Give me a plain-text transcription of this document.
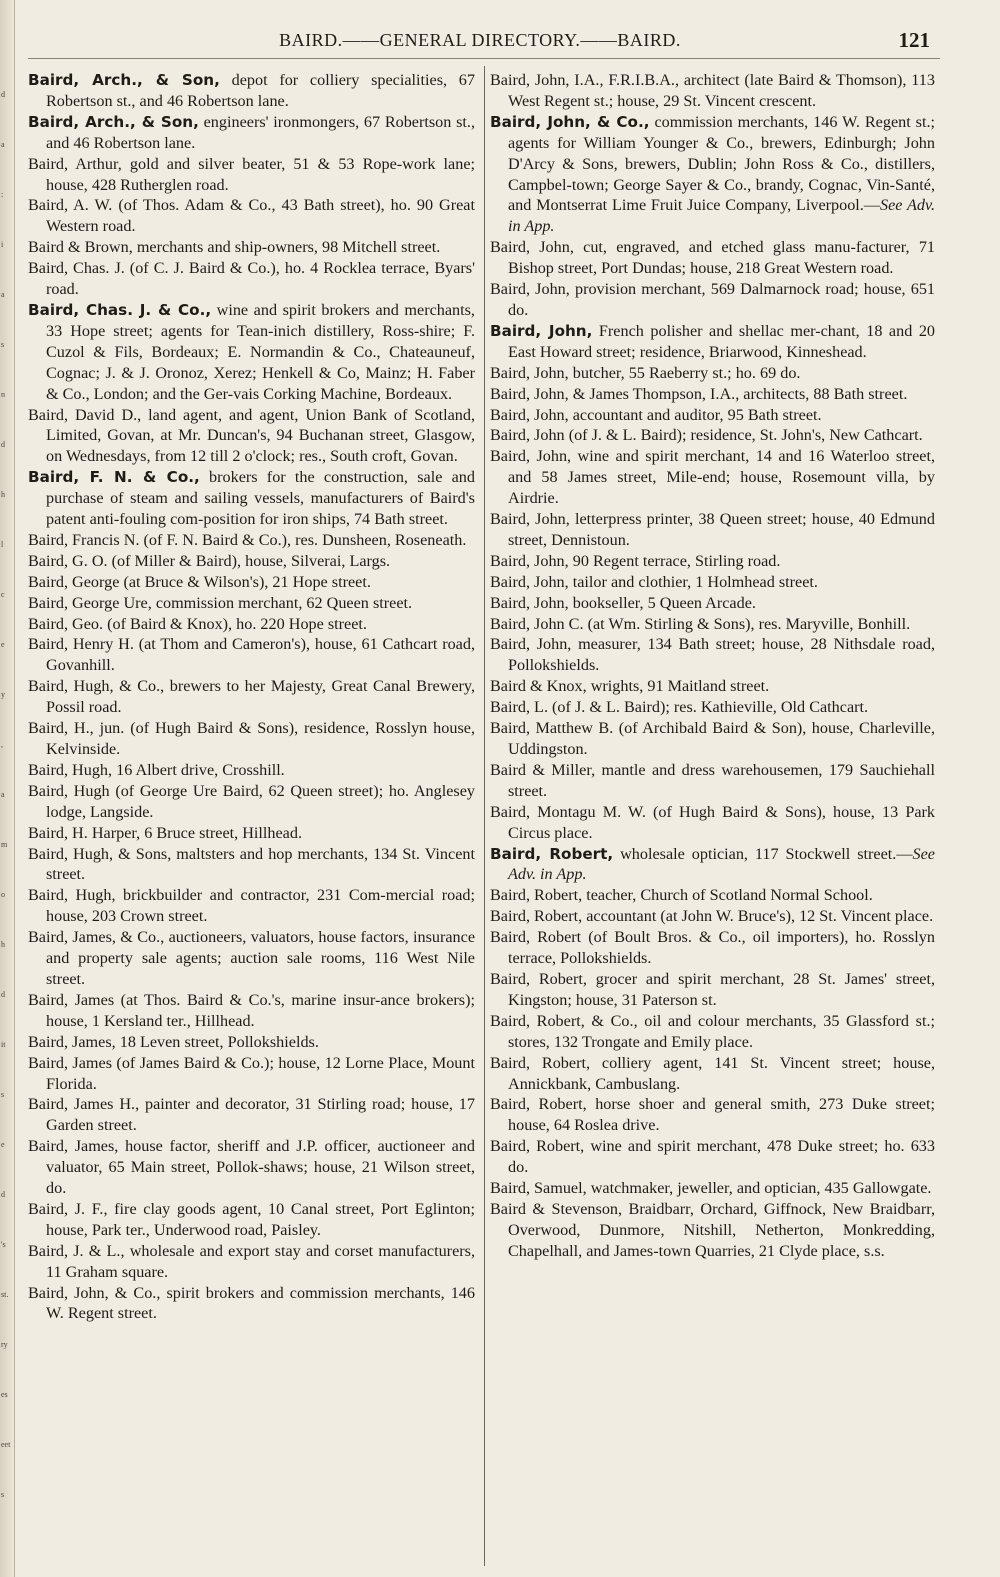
d
a
:
i
a
s
n
d
h
l
c
e
y
,
a
m
o
h
d
it
s
e
d
's
st.
ry
es
eet
s
BAIRD.——GENERAL DIRECTORY.——BAIRD.	121

Baird, Arch., & Son, depot for colliery specialities, 67 Robertson st., and 46 Robertson lane.

Baird, Arch., & Son, engineers' ironmongers, 67 Robertson st., and 46 Robertson lane.

Baird, Arthur, gold and silver beater, 51 & 53 Rope-work lane; house, 428 Rutherglen road.

Baird, A. W. (of Thos. Adam & Co., 43 Bath street), ho. 90 Great Western road.

Baird & Brown, merchants and ship-owners, 98 Mitchell street.

Baird, Chas. J. (of C. J. Baird & Co.), ho. 4 Rocklea terrace, Byars' road.

Baird, Chas. J. & Co., wine and spirit brokers and merchants, 33 Hope street; agents for Tean-inich distillery, Ross-shire; F. Cuzol & Fils, Bordeaux; E. Normandin & Co., Chateauneuf, Cognac; J. & J. Oronoz, Xerez; Henkell & Co, Mainz; H. Faber & Co., London; and the Ger-vais Corking Machine, Bordeaux.

Baird, David D., land agent, and agent, Union Bank of Scotland, Limited, Govan, at Mr. Duncan's, 94 Buchanan street, Glasgow, on Wednesdays, from 12 till 2 o'clock; res., South croft, Govan.

Baird, F. N. & Co., brokers for the construction, sale and purchase of steam and sailing vessels, manufacturers of Baird's patent anti-fouling com-position for iron ships, 74 Bath street.

Baird, Francis N. (of F. N. Baird & Co.), res. Dunsheen, Roseneath.

Baird, G. O. (of Miller & Baird), house, Silverai, Largs.

Baird, George (at Bruce & Wilson's), 21 Hope street.

Baird, George Ure, commission merchant, 62 Queen street.

Baird, Geo. (of Baird & Knox), ho. 220 Hope street.

Baird, Henry H. (at Thom and Cameron's), house, 61 Cathcart road, Govanhill.

Baird, Hugh, & Co., brewers to her Majesty, Great Canal Brewery, Possil road.

Baird, H., jun. (of Hugh Baird & Sons), residence, Rosslyn house, Kelvinside.

Baird, Hugh, 16 Albert drive, Crosshill.

Baird, Hugh (of George Ure Baird, 62 Queen street); ho. Anglesey lodge, Langside.

Baird, H. Harper, 6 Bruce street, Hillhead.

Baird, Hugh, & Sons, maltsters and hop merchants, 134 St. Vincent street.

Baird, Hugh, brickbuilder and contractor, 231 Com-mercial road; house, 203 Crown street.

Baird, James, & Co., auctioneers, valuators, house factors, insurance and property sale agents; auction sale rooms, 116 West Nile street.

Baird, James (at Thos. Baird & Co.'s, marine insur-ance brokers); house, 1 Kersland ter., Hillhead.

Baird, James, 18 Leven street, Pollokshields.

Baird, James (of James Baird & Co.); house, 12 Lorne Place, Mount Florida.

Baird, James H., painter and decorator, 31 Stirling road; house, 17 Garden street.

Baird, James, house factor, sheriff and J.P. officer, auctioneer and valuator, 65 Main street, Pollok-shaws; house, 21 Wilson street, do.

Baird, J. F., fire clay goods agent, 10 Canal street, Port Eglinton; house, Park ter., Underwood road, Paisley.

Baird, J. & L., wholesale and export stay and corset manufacturers, 11 Graham square.

Baird, John, & Co., spirit brokers and commission merchants, 146 W. Regent street.

Baird, John, I.A., F.R.I.B.A., architect (late Baird & Thomson), 113 West Regent st.; house, 29 St. Vincent crescent.

Baird, John, & Co., commission merchants, 146 W. Regent st.; agents for William Younger & Co., brewers, Edinburgh; John D'Arcy & Sons, brewers, Dublin; John Ross & Co., distillers, Campbel-town; George Sayer & Co., brandy, Cognac, Vin-Santé, and Montserrat Lime Fruit Juice Company, Liverpool.—See Adv. in App.

Baird, John, cut, engraved, and etched glass manu-facturer, 71 Bishop street, Port Dundas; house, 218 Great Western road.

Baird, John, provision merchant, 569 Dalmarnock road; house, 651 do.

Baird, John, French polisher and shellac mer-chant, 18 and 20 East Howard street; residence, Briarwood, Kinneshead.

Baird, John, butcher, 55 Raeberry st.; ho. 69 do.

Baird, John, & James Thompson, I.A., architects, 88 Bath street.

Baird, John, accountant and auditor, 95 Bath street.

Baird, John (of J. & L. Baird); residence, St. John's, New Cathcart.

Baird, John, wine and spirit merchant, 14 and 16 Waterloo street, and 58 James street, Mile-end; house, Rosemount villa, by Airdrie.

Baird, John, letterpress printer, 38 Queen street; house, 40 Edmund street, Dennistoun.

Baird, John, 90 Regent terrace, Stirling road.

Baird, John, tailor and clothier, 1 Holmhead street.

Baird, John, bookseller, 5 Queen Arcade.

Baird, John C. (at Wm. Stirling & Sons), res. Maryville, Bonhill.

Baird, John, measurer, 134 Bath street; house, 28 Nithsdale road, Pollokshields.

Baird & Knox, wrights, 91 Maitland street.

Baird, L. (of J. & L. Baird); res. Kathieville, Old Cathcart.

Baird, Matthew B. (of Archibald Baird & Son), house, Charleville, Uddingston.

Baird & Miller, mantle and dress warehousemen, 179 Sauchiehall street.

Baird, Montagu M. W. (of Hugh Baird & Sons), house, 13 Park Circus place.

Baird, Robert, wholesale optician, 117 Stockwell street.—See Adv. in App.

Baird, Robert, teacher, Church of Scotland Normal School.

Baird, Robert, accountant (at John W. Bruce's), 12 St. Vincent place.

Baird, Robert (of Boult Bros. & Co., oil importers), ho. Rosslyn terrace, Pollokshields.

Baird, Robert, grocer and spirit merchant, 28 St. James' street, Kingston; house, 31 Paterson st.

Baird, Robert, & Co., oil and colour merchants, 35 Glassford st.; stores, 132 Trongate and Emily place.

Baird, Robert, colliery agent, 141 St. Vincent street; house, Annickbank, Cambuslang.

Baird, Robert, horse shoer and general smith, 273 Duke street; house, 64 Roslea drive.

Baird, Robert, wine and spirit merchant, 478 Duke street; ho. 633 do.

Baird, Samuel, watchmaker, jeweller, and optician, 435 Gallowgate.

Baird & Stevenson, Braidbarr, Orchard, Giffnock, New Braidbarr, Overwood, Dunmore, Nitshill, Netherton, Monkredding, Chapelhall, and James-town Quarries, 21 Clyde place, s.s.
